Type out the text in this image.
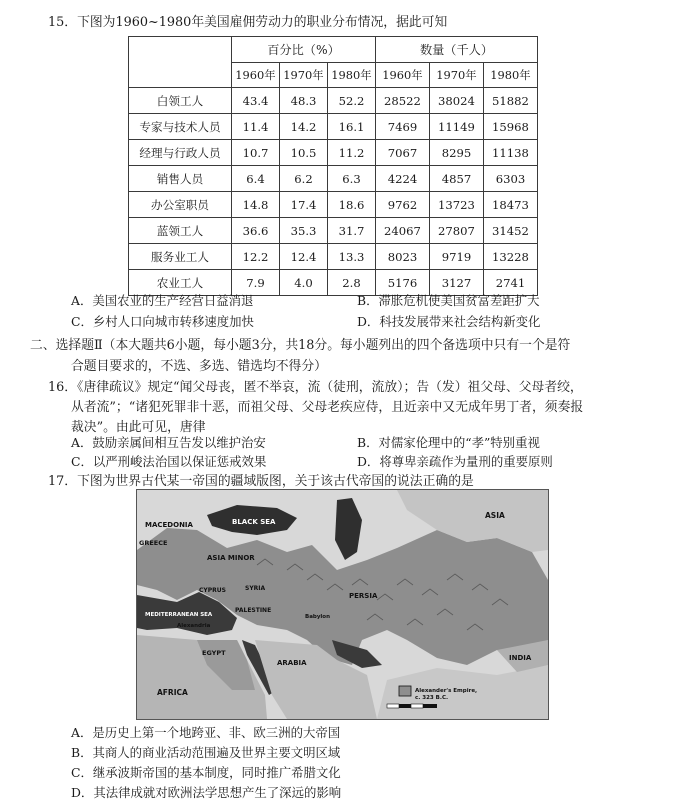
15．下图为1960~1980年美国雇佣劳动力的职业分布情况，据此可知
	百分比（%）			数量（千人）		
	1960年	1970年	1980年	1960年	1970年	1980年
白领工人	43.4	48.3	52.2	28522	38024	51882
专家与技术人员	11.4	14.2	16.1	7469	11149	15968
经理与行政人员	10.7	10.5	11.2	7067	8295	11138
销售人员	6.4	6.2	6.3	4224	4857	6303
办公室职员	14.8	17.4	18.6	9762	13723	18473
蓝领工人	36.6	35.3	31.7	24067	27807	31452
服务业工人	12.2	12.4	13.3	8023	9719	13228
农业工人	7.9	4.0	2.8	5176	3127	2741
A．美国农业的生产经营日益消退	B．滞胀危机使美国贫富差距扩大
C．乡村人口向城市转移速度加快	D．科技发展带来社会结构新变化
二、选择题Ⅱ（本大题共6小题，每小题3分，共18分。每小题列出的四个备选项中只有一个是符
合题目要求的，不选、多选、错选均不得分）
16．《唐律疏议》规定“闻父母丧，匿不举哀，流（徒刑，流放）；告（发）祖父母、父母者绞，
从者流”；“诸犯死罪非十恶，而祖父母、父母老疾应侍，且近亲中又无成年男丁者，须奏报
裁决”。由此可见，唐律
A．鼓励亲属间相互告发以维护治安	B．对儒家伦理中的“孝”特别重视
C．以严刑峻法治国以保证惩戒效果	D．将尊卑亲疏作为量刑的重要原则
17．下图为世界古代某一帝国的疆域版图，关于该古代帝国的说法正确的是
MACEDONIA	BLACK SEA
GREECE
ASIA MINOR
ASIA
CYPRUS
MEDITERRANEAN SEA
SYRIA
PALESTINE
Alexandria
EGYPT
Babylon
PERSIA
ARABIA
AFRICA
INDIA
Alexander's Empire,
c. 323 B.C.
A．是历史上第一个地跨亚、非、欧三洲的大帝国
B．其商人的商业活动范围遍及世界主要文明区域
C．继承波斯帝国的基本制度，同时推广希腊文化
D．其法律成就对欧洲法学思想产生了深远的影响
